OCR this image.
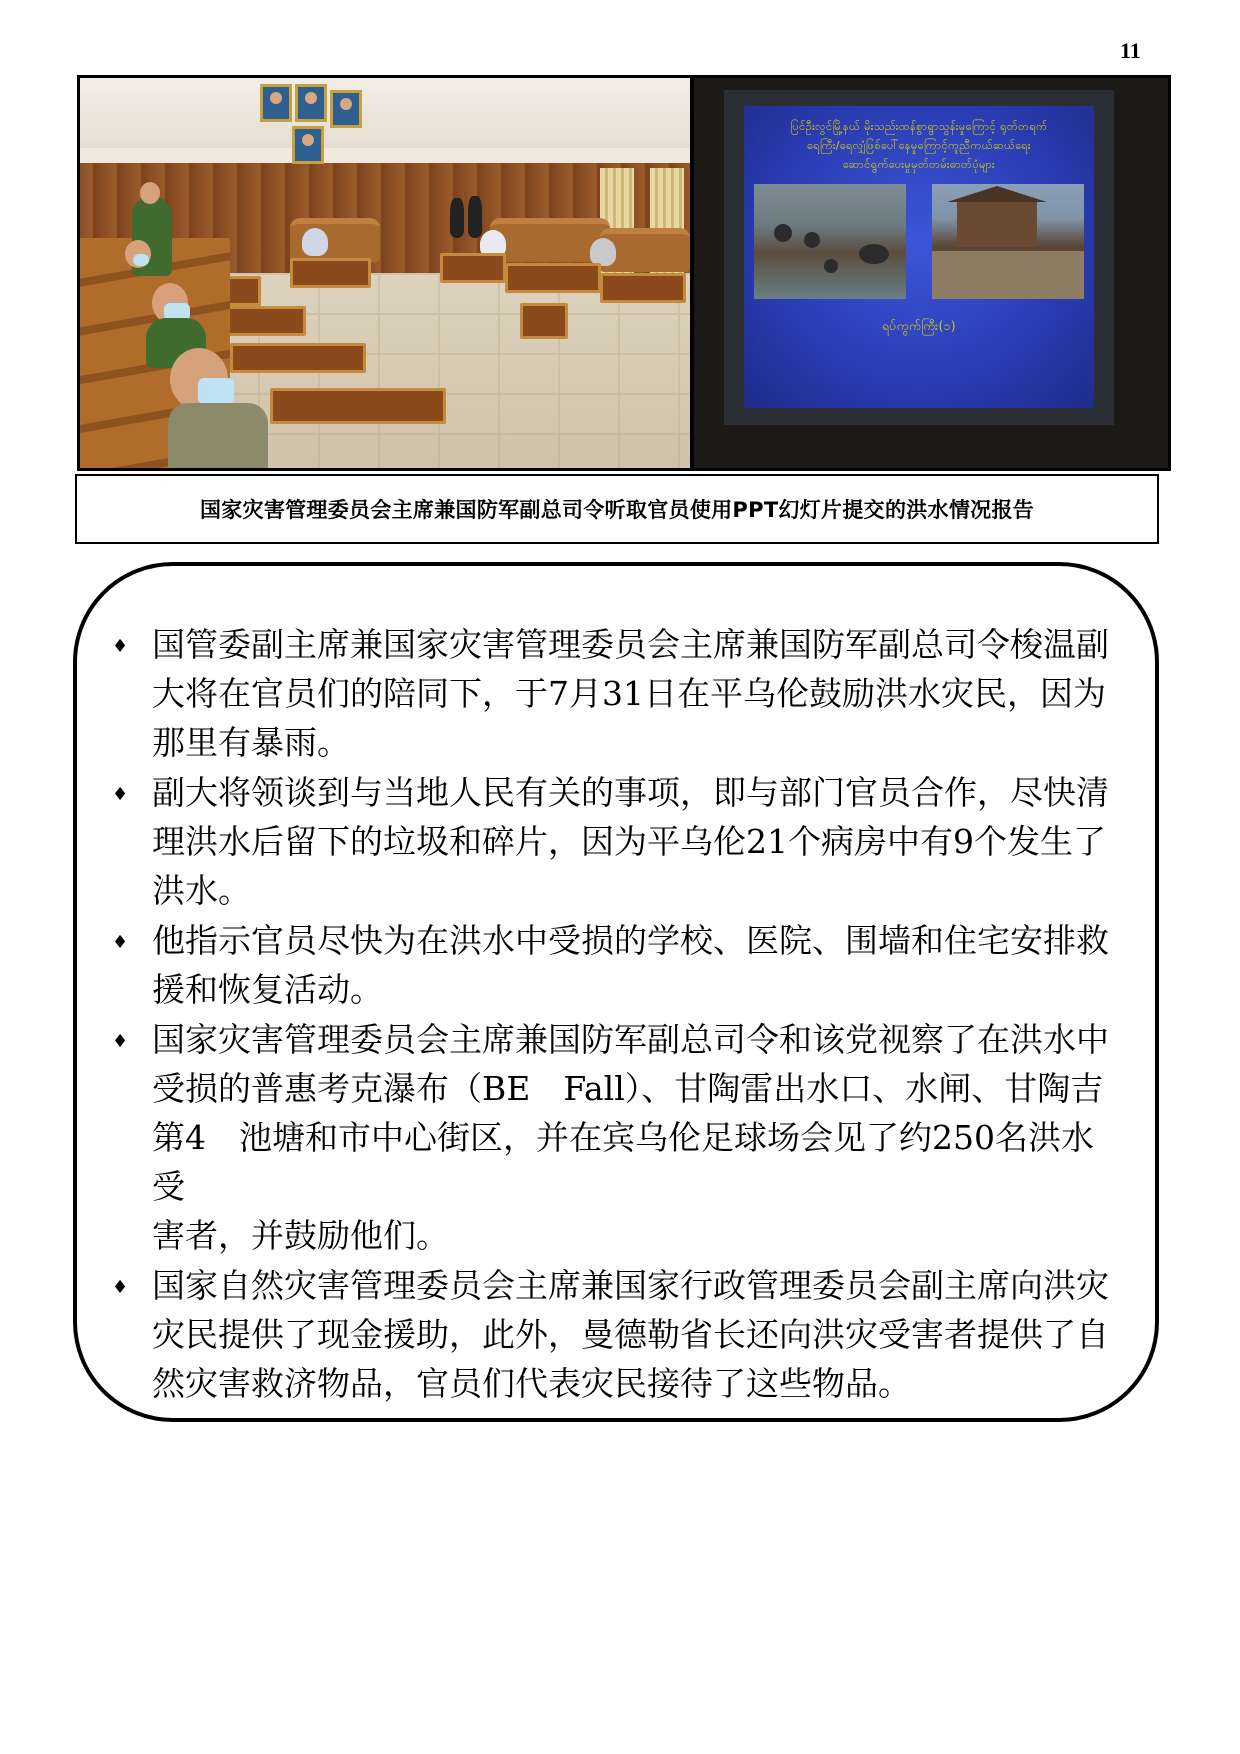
11
ပြင်ဦးလွင်မြို့နယ် မိုးသည်းထန်စွာရွာသွန်းမှုကြောင့် ရုတ်တရက်
ရေကြီး/ရေလျှံဖြစ်ပေါ်နေမှုကြောင့်ကူညီကယ်ဆယ်ရေး
ဆောင်ရွက်ပေးမှုမှတ်တမ်းဓာတ်ပုံများ
ရပ်ကွက်ကြီး(၁)
国家灾害管理委员会主席兼国防军副总司令听取官员使用PPT幻灯片提交的洪水情况报告
♦ 国管委副主席兼国家灾害管理委员会主席兼国防军副总司令梭温副
大将在官员们的陪同下，于7月31日在平乌伦鼓励洪水灾民，因为
那里有暴雨。
♦ 副大将领谈到与当地人民有关的事项，即与部门官员合作，尽快清
理洪水后留下的垃圾和碎片，因为平乌伦21个病房中有9个发生了
洪水。
♦ 他指示官员尽快为在洪水中受损的学校、医院、围墙和住宅安排救
援和恢复活动。
♦ 国家灾害管理委员会主席兼国防军副总司令和该党视察了在洪水中
受损的普惠考克瀑布（BE　Fall）、甘陶雷出水口、水闸、甘陶吉
第4　池塘和市中心街区，并在宾乌伦足球场会见了约250名洪水受
害者，并鼓励他们。
♦ 国家自然灾害管理委员会主席兼国家行政管理委员会副主席向洪灾
灾民提供了现金援助，此外，曼德勒省长还向洪灾受害者提供了自
然灾害救济物品，官员们代表灾民接待了这些物品。
